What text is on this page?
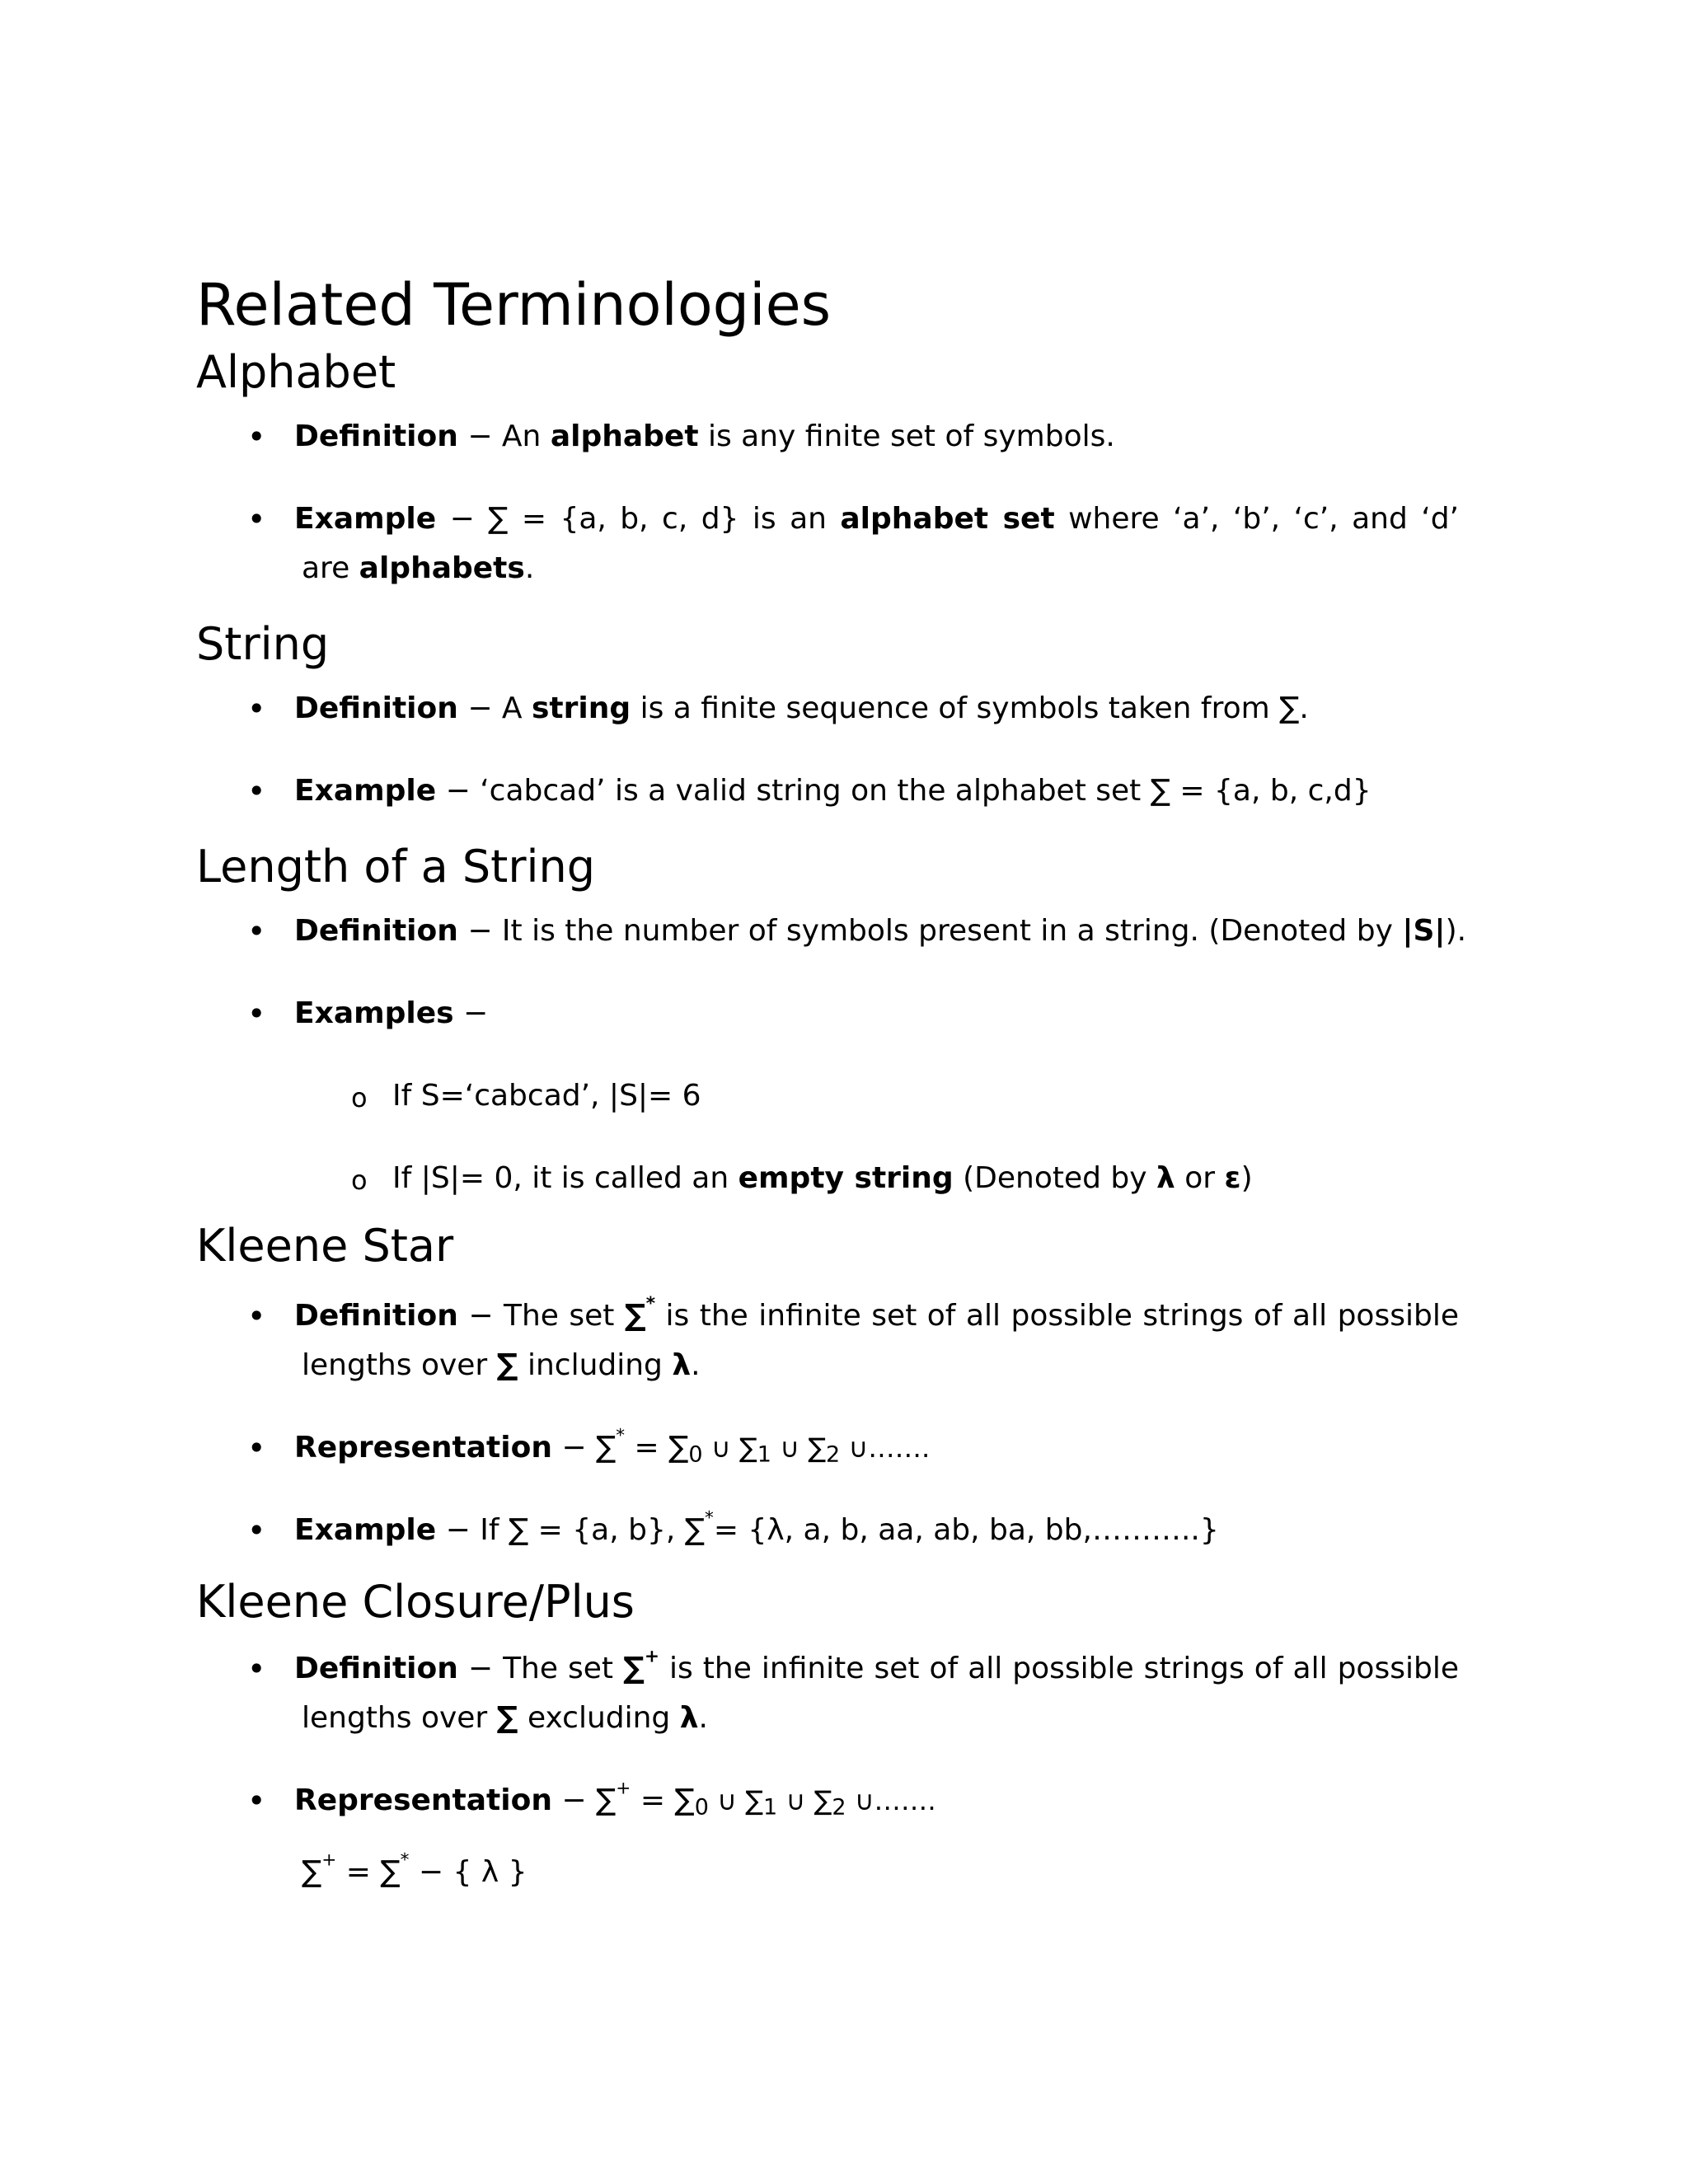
Related Terminologies
Alphabet
• Definition − An alphabet is any finite set of symbols.
• Example − ∑ = {a, b, c, d} is an alphabet set where ‘a’, ‘b’, ‘c’, and ‘d’
are alphabets.
String
• Definition − A string is a finite sequence of symbols taken from ∑.
• Example − ‘cabcad’ is a valid string on the alphabet set ∑ = {a, b, c,d}
Length of a String
• Definition − It is the number of symbols present in a string. (Denoted by |S|).
• Examples −
o If S=‘cabcad’, |S|= 6
o If |S|= 0, it is called an empty string (Denoted by λ or ε)
Kleene Star
• Definition − The set ∑* is the infinite set of all possible strings of all possible
lengths over ∑ including λ.
• Representation − $\sum^* = \sum_0$ ∪ $\sum_1$ ∪ $\sum_2$ ∪…….
• Example − If ∑ = {a, b}, ∑*= {λ, a, b, aa, ab, ba, bb,………..}
Kleene Closure/Plus
• Definition − The set ∑+ is the infinite set of all possible strings of all possible
lengths over ∑ excluding λ.
• Representation − $\sum^+ = \sum_0$ ∪ $\sum_1$ ∪ $\sum_2$ ∪…….
∑+ = ∑* − { λ }
